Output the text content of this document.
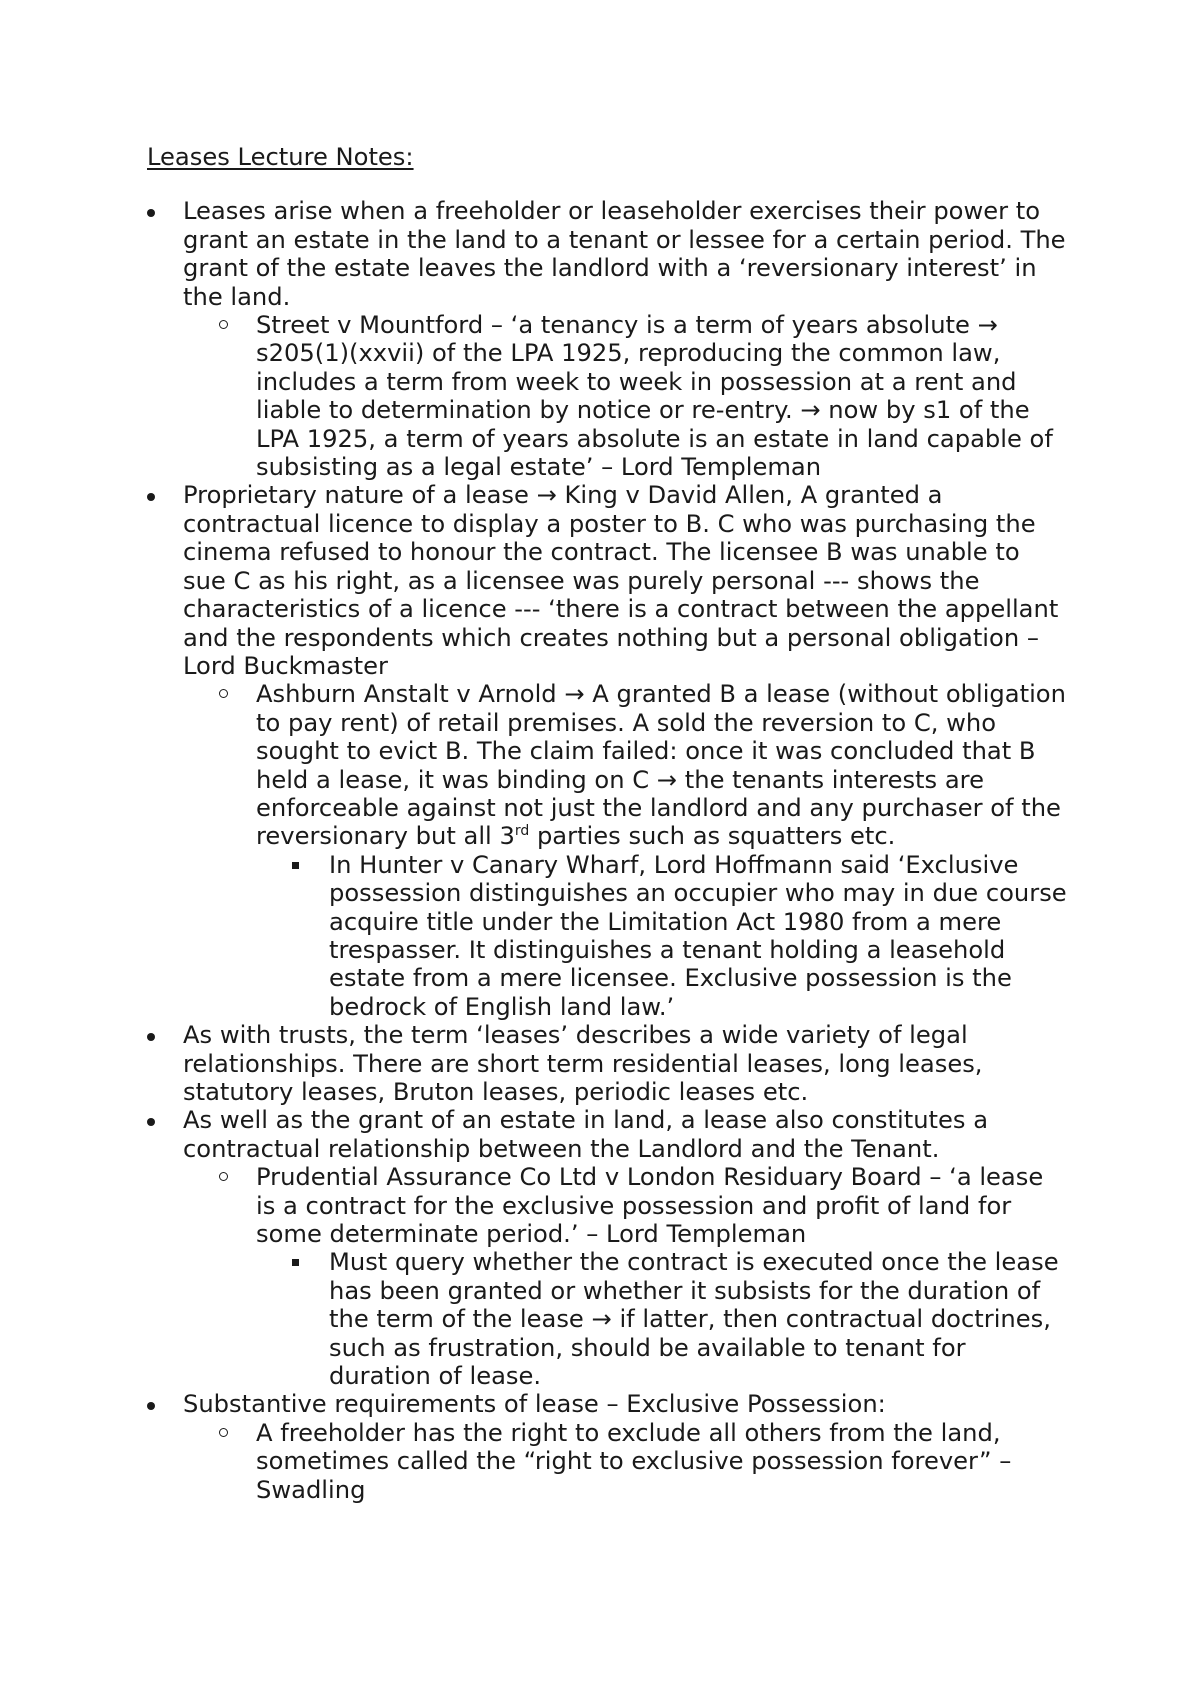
Leases Lecture Notes:
Leases arise when a freeholder or leaseholder exercises their power to grant an estate in the land to a tenant or lessee for a certain period. The grant of the estate leaves the landlord with a ‘reversionary interest’ in the land.
Street v Mountford – ‘a tenancy is a term of years absolute → s205(1)(xxvii) of the LPA 1925, reproducing the common law, includes a term from week to week in possession at a rent and liable to determination by notice or re-entry. → now by s1 of the LPA 1925, a term of years absolute is an estate in land capable of subsisting as a legal estate’ – Lord Templeman
Proprietary nature of a lease → King v David Allen, A granted a contractual licence to display a poster to B. C who was purchasing the cinema refused to honour the contract. The licensee B was unable to sue C as his right, as a licensee was purely personal --- shows the characteristics of a licence --- ‘there is a contract between the appellant and the respondents which creates nothing but a personal obligation – Lord Buckmaster
Ashburn Anstalt v Arnold → A granted B a lease (without obligation to pay rent) of retail premises. A sold the reversion to C, who sought to evict B. The claim failed: once it was concluded that B held a lease, it was binding on C → the tenants interests are enforceable against not just the landlord and any purchaser of the reversionary but all 3rd parties such as squatters etc.
In Hunter v Canary Wharf, Lord Hoffmann said ‘Exclusive possession distinguishes an occupier who may in due course acquire title under the Limitation Act 1980 from a mere trespasser. It distinguishes a tenant holding a leasehold estate from a mere licensee. Exclusive possession is the bedrock of English land law.’
As with trusts, the term ‘leases’ describes a wide variety of legal relationships. There are short term residential leases, long leases, statutory leases, Bruton leases, periodic leases etc.
As well as the grant of an estate in land, a lease also constitutes a contractual relationship between the Landlord and the Tenant.
Prudential Assurance Co Ltd v London Residuary Board – ‘a lease is a contract for the exclusive possession and profit of land for some determinate period.’ – Lord Templeman
Must query whether the contract is executed once the lease has been granted or whether it subsists for the duration of the term of the lease → if latter, then contractual doctrines, such as frustration, should be available to tenant for duration of lease.
Substantive requirements of lease – Exclusive Possession:
A freeholder has the right to exclude all others from the land, sometimes called the “right to exclusive possession forever” – Swadling
